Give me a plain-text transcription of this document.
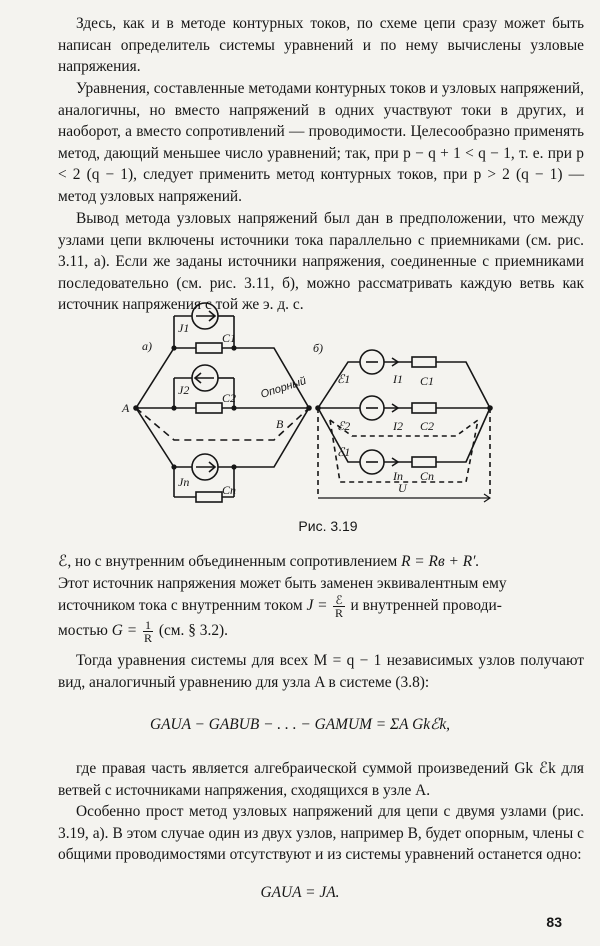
Здесь, как и в методе контурных токов, по схеме цепи сразу может быть написан определитель системы уравнений и по нему вычислены узловые напряжения.

Уравнения, составленные методами контурных токов и узловых напряжений, аналогичны, но вместо напряжений в одних участвуют токи в других, и наоборот, а вместо сопротивлений — проводимости. Целесообразно применять метод, дающий меньшее число уравнений; так, при p − q + 1 < q − 1, т. е. при p < 2 (q − 1), следует применить метод контурных токов, при p > 2 (q − 1) — метод узловых напряжений.

Вывод метода узловых напряжений был дан в предположении, что между узлами цепи включены источники тока параллельно с приемниками (см. рис. 3.11, а). Если же заданы источники напряжения, соединенные с приемниками последовательно (см. рис. 3.11, б), можно рассматривать каждую ветвь как источник напряжения с той же э. д. с.

а)	б)
A
B
Опорный
J1
C1
J2
C2
Jn
Cn
ℰ1	I1 C1
ℰ2	I2 C2
ℰ1
In Cn
U
Рис. 3.19

ℰ, но с внутренним объединенным сопротивлением R = Rв + R′.
Этот источник напряжения может быть заменен эквивалентным ему
источником тока с внутренним током $J = \frac{\text{ℰ}}{R}$ и внутренней проводи-
мостью $G = \frac{1}{R} (см$. § 3.2).

Тогда уравнения системы для всех M = q − 1 независимых узлов получают вид, аналогичный уравнению для узла A в системе (3.8):

GAUA − GABUB − . . . − GAMUM = ΣA Gkℰk,

где правая часть является алгебраической суммой произведений Gk ℰk для ветвей с источниками напряжения, сходящихся в узле A.

Особенно прост метод узловых напряжений для цепи с двумя узлами (рис. 3.19, а). В этом случае один из двух узлов, например B, будет опорным, члены с общими проводимостями отсутствуют и из системы уравнений останется одно:

GAUA = JA.
83
